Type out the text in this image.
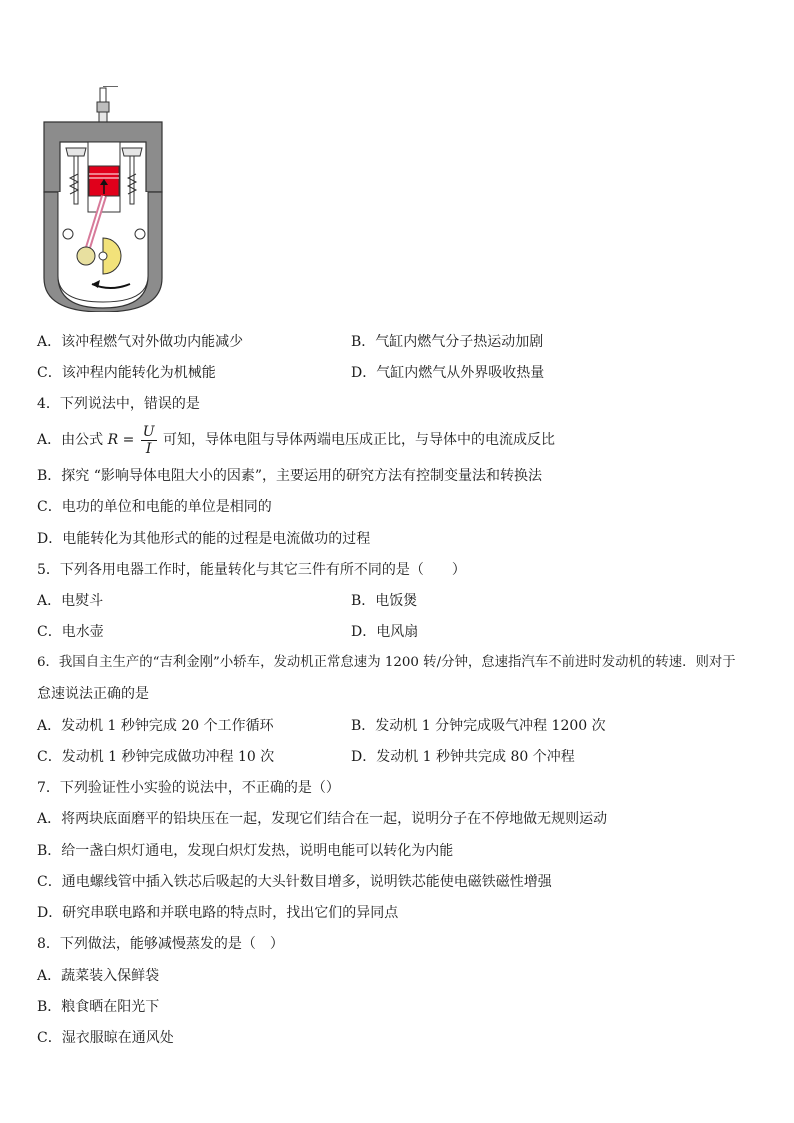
A．该冲程燃气对外做功内能减少	B．气缸内燃气分子热运动加剧
C．该冲程内能转化为机械能	D．气缸内燃气从外界吸收热量
4．下列说法中，错误的是
A．由公式 $R = \frac{U}{I}$ 可知，导体电阻与导体两端电压成正比，与导体中的电流成反比
B．探究 “影响导体电阻大小的因素”，主要运用的研究方法有控制变量法和转换法
C．电功的单位和电能的单位是相同的
D．电能转化为其他形式的能的过程是电流做功的过程
5．下列各用电器工作时，能量转化与其它三件有所不同的是（　　）
A．电熨斗	B．电饭煲
C．电水壶	D．电风扇
6．我国自主生产的“吉利金刚”小轿车，发动机正常怠速为 1200 转/分钟，怠速指汽车不前进时发动机的转速．则对于
怠速说法正确的是
A．发动机 1 秒钟完成 20 个工作循环	B．发动机 1 分钟完成吸气冲程 1200 次
C．发动机 1 秒钟完成做功冲程 10 次	D．发动机 1 秒钟共完成 80 个冲程
7．下列验证性小实验的说法中，不正确的是（）
A．将两块底面磨平的铅块压在一起，发现它们结合在一起，说明分子在不停地做无规则运动
B．给一盏白炽灯通电，发现白炽灯发热，说明电能可以转化为内能
C．通电螺线管中插入铁芯后吸起的大头针数目增多，说明铁芯能使电磁铁磁性增强
D．研究串联电路和并联电路的特点时，找出它们的异同点
8．下列做法，能够减慢蒸发的是（　）
A．蔬菜装入保鲜袋
B．粮食晒在阳光下
C．湿衣服晾在通风处
